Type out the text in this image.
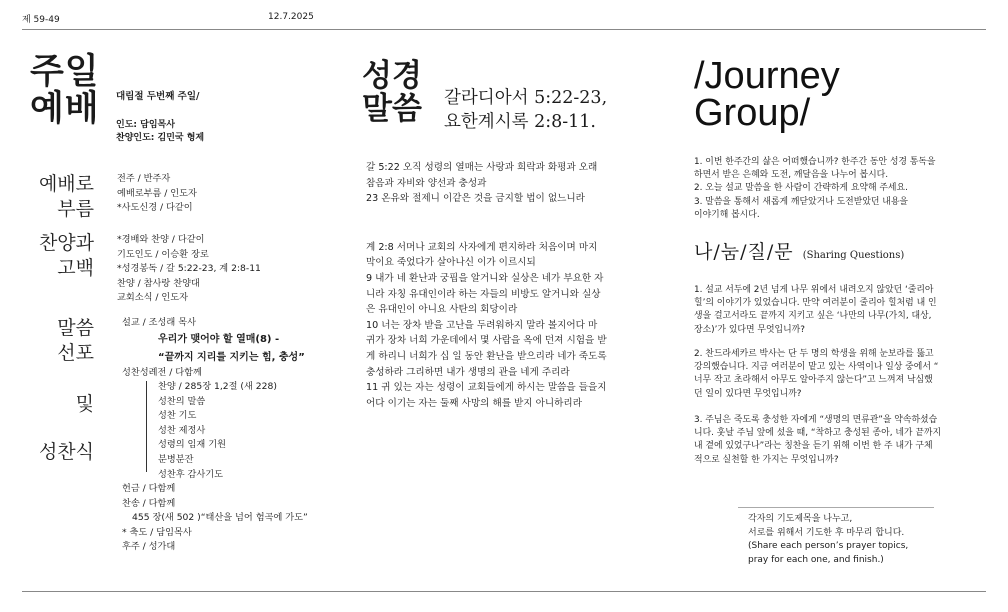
제 59-49	12.7.2025
주일
예배 대림절 두번째 주일/
인도: 담임목사
찬양인도: 김민국 형제
예배로
부름
찬양과
고백
말씀
선포
및
성찬식
전주 / 반주자
예배로부름 / 인도자
*사도신경 / 다같이
*경배와 찬양 / 다같이
기도인도 / 이승환 장로
*성경봉독 / 갈 5:22-23, 계 2:8-11
찬양 / 참사랑 찬양대
교회소식 / 인도자
설교 / 조성래 목사
우리가 맺어야 할 열매(8) -
“끝까지 지리를 지키는 힘, 충성”
성찬성례전 / 다함께
찬양 / 285장 1,2절 (새 228)
성찬의 말씀
성찬 기도
성찬 제정사
성령의 임재 기원
분병분잔
성찬후 감사기도
헌금 / 다함께
찬송 / 다함께
455 장(새 502 )“태산을 넘어 험곡에 가도”
* 축도 / 담임목사
후주 / 성가대
성경
말씀 갈라디아서 5:22-23,
요한계시록 2:8-11.

갈 5:22 오직 성령의 열매는 사랑과 희락과 화평과 오래
참음과 자비와 양선과 충성과
23 온유와 절제니 이같은 것을 금지할 법이 없느니라

계 2:8 서머나 교회의 사자에게 편지하라 처음이며 마지
막이요 죽었다가 살아나신 이가 이르시되
9 내가 네 환난과 궁핍을 알거니와 실상은 네가 부요한 자
니라 자칭 유대인이라 하는 자들의 비방도 알거니와 실상
은 유대인이 아니요 사탄의 회당이라
10 너는 장차 받을 고난을 두려워하지 말라 볼지어다 마
귀가 장차 너희 가운데에서 몇 사람을 옥에 던져 시험을 받
게 하리니 너희가 십 일 동안 환난을 받으리라 네가 죽도록
충성하라 그리하면 내가 생명의 관을 네게 주리라
11 귀 있는 자는 성령이 교회들에게 하시는 말씀을 들을지
어다 이기는 자는 둘째 사망의 해를 받지 아니하리라

/Journey
Group/
1. 이번 한주간의 삶은 어떠했습니까? 한주간 동안 성경 통독을
하면서 받은 은혜와 도전, 깨달음을 나누어 봅시다.
2. 오늘 설교 말씀을 한 사람이 간략하게 요약해 주세요.
3. 말씀을 통해서 새롭게 깨닫았거나 도전받았던 내용을
이야기해 봅시다.
나/눔/질/문 (Sharing Questions)
1. 설교 서두에 2년 넘게 나무 위에서 내려오지 않았던 ‘줄리아
힐’의 이야기가 있었습니다. 만약 여러분이 줄리아 힐처럼 내 인
생을 걸고서라도 끝까지 지키고 싶은 ‘나만의 나무(가치, 대상,
장소)’가 있다면 무엇입니까?
2. 찬드라세카르 박사는 단 두 명의 학생을 위해 눈보라를 뚫고
강의했습니다. 지금 여러분이 맡고 있는 사역이나 일상 중에서 “
너무 작고 초라해서 아무도 알아주지 않는다”고 느껴져 낙심했
던 일이 있다면 무엇입니까?
3. 주님은 죽도록 충성한 자에게 “생명의 면류관”을 약속하셨습
니다. 훗날 주님 앞에 섰을 때, “착하고 충성된 종아, 네가 끝까지
내 곁에 있었구나”라는 칭찬을 듣기 위해 이번 한 주 내가 구체
적으로 실천할 한 가지는 무엇입니까?
각자의 기도제목을 나누고,
서로를 위해서 기도한 후 마무리 합니다.
(Share each person’s prayer topics,
pray for each one, and finish.)
